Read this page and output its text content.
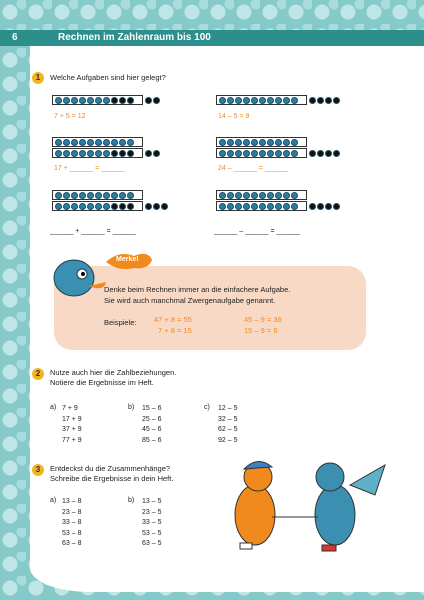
6	Rechnen im Zahlenraum bis 100
1	Welche Aufgaben sind hier gelegt?
7 + 5 = 12	14 – 5 = 9
17 + ______ = ______	24 – ______ = ______
______ + ______ = ______	______ – ______ = ______
Merke!
Denke beim Rechnen immer an die einfachere Aufgabe.
Sie wird auch manchmal Zwergenaufgabe genannt.
Beispiele: 47 + 8 = 55
7 + 8 = 15
45 – 9 = 36
15 – 9 = 6
2	Nutze auch hier die Zahlbeziehungen.
Notiere die Ergebnisse im Heft.
a) 7 + 9
17 + 9
37 + 9
77 + 9
b) 15 – 6
25 – 6
45 – 6
85 – 6
c) 12 – 5
32 – 5
62 – 5
92 – 5
3	Entdeckst du die Zusammenhänge?
Schreibe die Ergebnisse in dein Heft.
a) 13 – 8
23 – 8
33 – 8
53 – 8
63 – 8
b) 13 – 5
23 – 5
33 – 5
53 – 5
63 – 5
